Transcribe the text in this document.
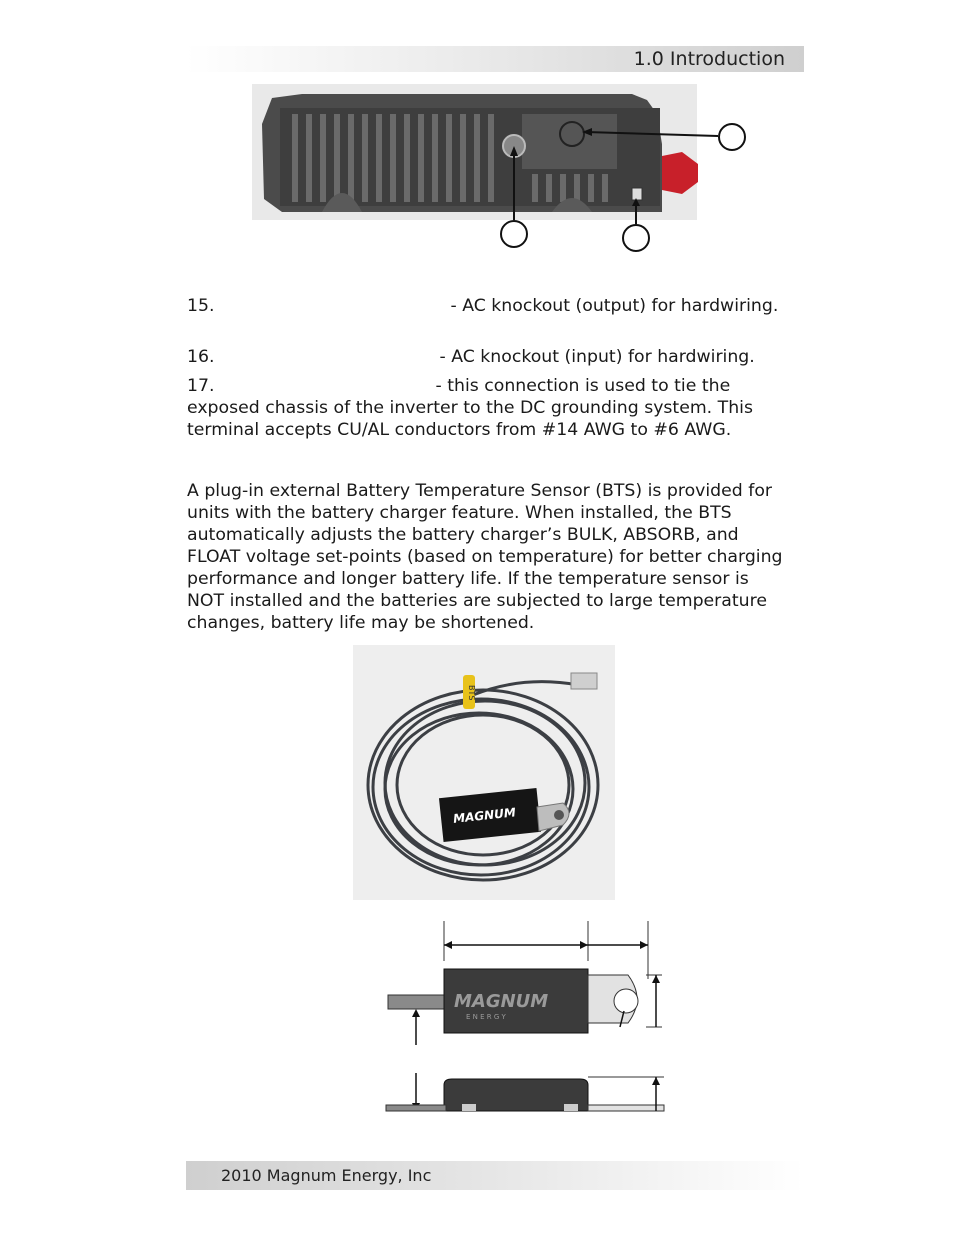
1.0 Introduction
15.	- AC knockout (output) for hardwiring.
16.	- AC knockout (input) for hardwiring.
17.	- this connection is used to tie the exposed chassis of the inverter to the DC grounding system. This terminal accepts CU/AL conductors from #14 AWG to #6 AWG.
A plug-in external Battery Temperature Sensor (BTS) is provided for units with the battery charger feature. When installed, the BTS automatically adjusts the battery charger’s BULK, ABSORB, and FLOAT voltage set-points (based on temperature) for better charging performance and longer battery life. If the temperature sensor is NOT installed and the batteries are subjected to large temperature changes, battery life may be shortened.
BTS
MAGNUM
MAGNUM
E N E R G Y
2010 Magnum Energy, Inc
